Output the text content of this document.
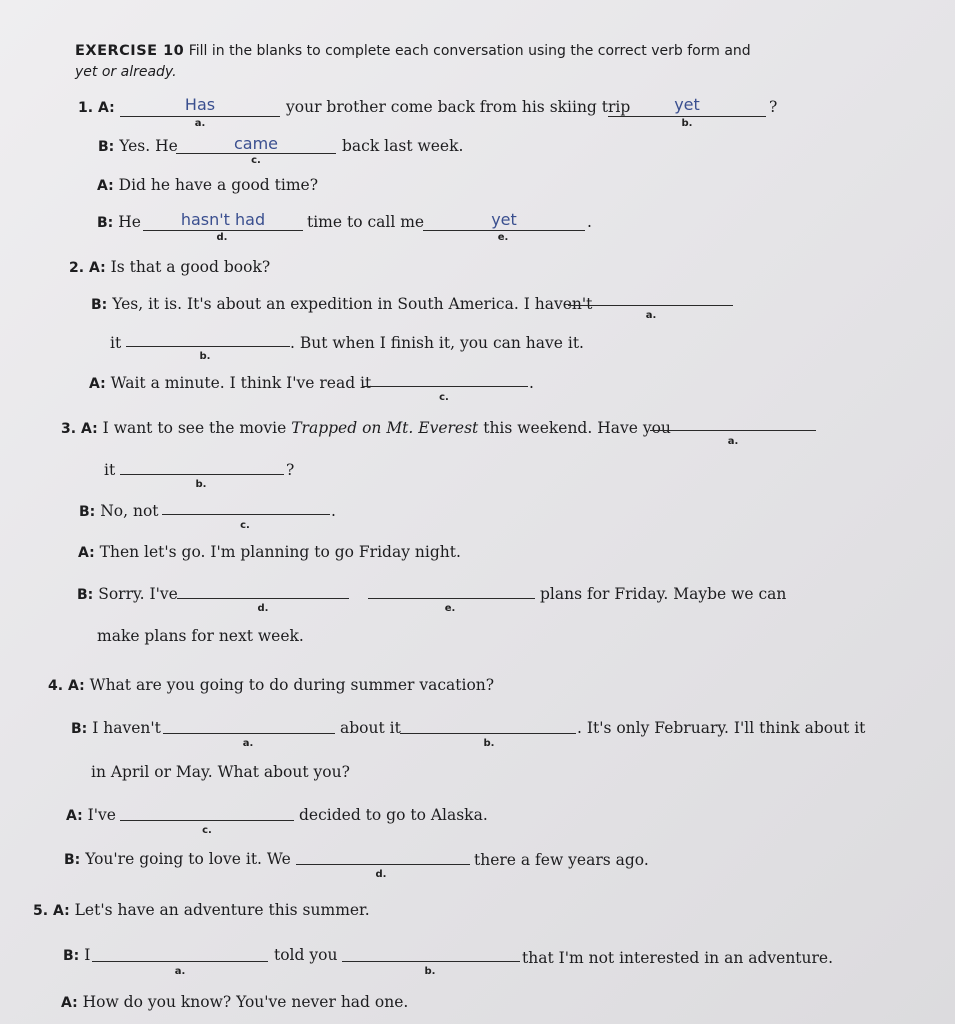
EXERCISE 10 Fill in the blanks to complete each conversation using the correct verb form and
yet or already.
1. A:	Has
a.
your brother come back from his skiing trip	yet
b.
?
B: Yes. He	came
c.
back last week.
A: Did he have a good time?
B: He	hasn't had
d.
time to call me	yet
e.
.
2. A: Is that a good book?
B: Yes, it is. It's about an expedition in South America. I haven't
a.
it
b.
. But when I finish it, you can have it.
A: Wait a minute. I think I've read it
c.
.
3. A: I want to see the movie Trapped on Mt. Everest this weekend. Have you
a.
it
b.
?
B: No, not
c.
.
A: Then let's go. I'm planning to go Friday night.
B: Sorry. I've
d.	e.
plans for Friday. Maybe we can
make plans for next week.
4. A: What are you going to do during summer vacation?
B: I haven't
a.
about it
b.
. It's only February. I'll think about it
in April or May. What about you?
A: I've
c.
decided to go to Alaska.
B: You're going to love it. We
d.
there a few years ago.
5. A: Let's have an adventure this summer.
B: I
a.
told you
b.
that I'm not interested in an adventure.
A: How do you know? You've never had one.
